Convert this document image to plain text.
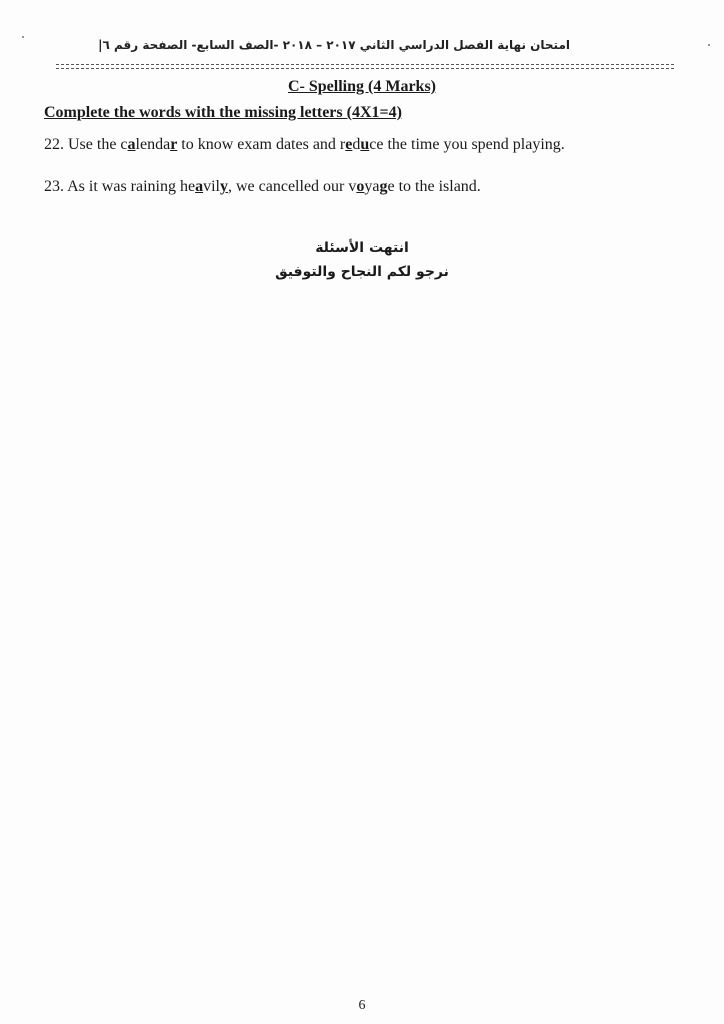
امتحان نهاية الفصل الدراسي الثاني ٢٠١٧ – ٢٠١٨ -الصف السابع- الصفحة رقم ٦|
C- Spelling (4 Marks)
Complete the words with the missing letters (4X1=4)
22. Use the calendar to know exam dates and reduce the time you spend playing.
23. As it was raining heavily, we cancelled our voyage to the island.
انتهت الأسئلة
نرجو لكم النجاح والتوفيق
6
